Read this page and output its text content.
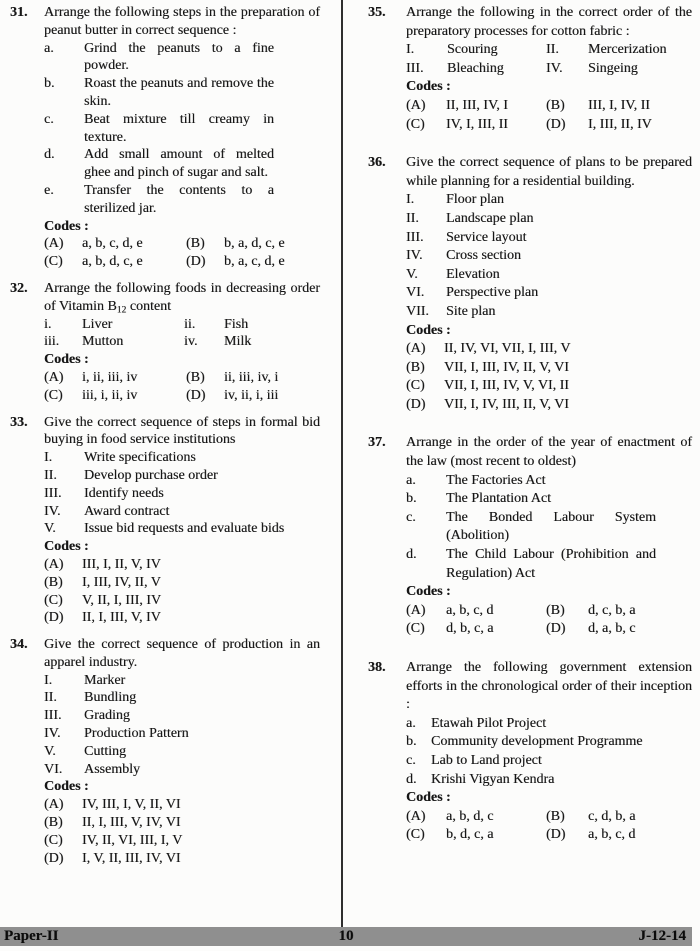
31.	Arrange the following steps in the preparation of peanut butter in correct sequence :

a.	Grind the peanuts to a fine powder.
b.	Roast the peanuts and remove the skin.
c.	Beat mixture till creamy in texture.
d.	Add small amount of melted ghee and pinch of sugar and salt.
e.	Transfer the contents to a sterilized jar.

Codes :

(A)	a, b, c, d, e	(B)	b, a, d, c, e
(C)	a, b, d, c, e	(D)	b, a, c, d, e
32.	Arrange the following foods in decreasing order of Vitamin $B_{12}$ content

i.	Liver	ii.	Fish
iii.	Mutton	iv.	Milk

Codes :

(A)	i, ii, iii, iv	(B)	ii, iii, iv, i
(C)	iii, i, ii, iv	(D)	iv, ii, i, iii
33.	Give the correct sequence of steps in formal bid buying in food service institutions

I.	Write specifications
II.	Develop purchase order
III.	Identify needs
IV.	Award contract
V.	Issue bid requests and evaluate bids

Codes :

(A)	III, I, II, V, IV
(B)	I, III, IV, II, V
(C)	V, II, I, III, IV
(D)	II, I, III, V, IV
34.	Give the correct sequence of production in an apparel industry.

I.	Marker
II.	Bundling
III.	Grading
IV.	Production Pattern
V.	Cutting
VI.	Assembly

Codes :

(A)	IV, III, I, V, II, VI
(B)	II, I, III, V, IV, VI
(C)	IV, II, VI, III, I, V
(D)	I, V, II, III, IV, VI
35.	Arrange the following in the correct order of the preparatory processes for cotton fabric :

I.	Scouring	II.	Mercerization
III.	Bleaching	IV.	Singeing

Codes :

(A)	II, III, IV, I	(B)	III, I, IV, II
(C)	IV, I, III, II	(D)	I, III, II, IV
36.	Give the correct sequence of plans to be prepared while planning for a residential building.

I.	Floor plan
II.	Landscape plan
III.	Service layout
IV.	Cross section
V.	Elevation
VI.	Perspective plan
VII.	Site plan

Codes :

(A)	II, IV, VI, VII, I, III, V
(B)	VII, I, III, IV, II, V, VI
(C)	VII, I, III, IV, V, VI, II
(D)	VII, I, IV, III, II, V, VI
37.	Arrange in the order of the year of enactment of the law (most recent to oldest)

a.	The Factories Act
b.	The Plantation Act
c.	The Bonded Labour System (Abolition)
d.	The Child Labour (Prohibition and Regulation) Act

Codes :

(A)	a, b, c, d	(B)	d, c, b, a
(C)	d, b, c, a	(D)	d, a, b, c
38.	Arrange the following government extension efforts in the chronological order of their inception :

a.	Etawah Pilot Project
b.	Community development Programme
c.	Lab to Land project
d.	Krishi Vigyan Kendra

Codes :

(A)	a, b, d, c	(B)	c, d, b, a
(C)	b, d, c, a	(D)	a, b, c, d
Paper-II	10	J-12-14
